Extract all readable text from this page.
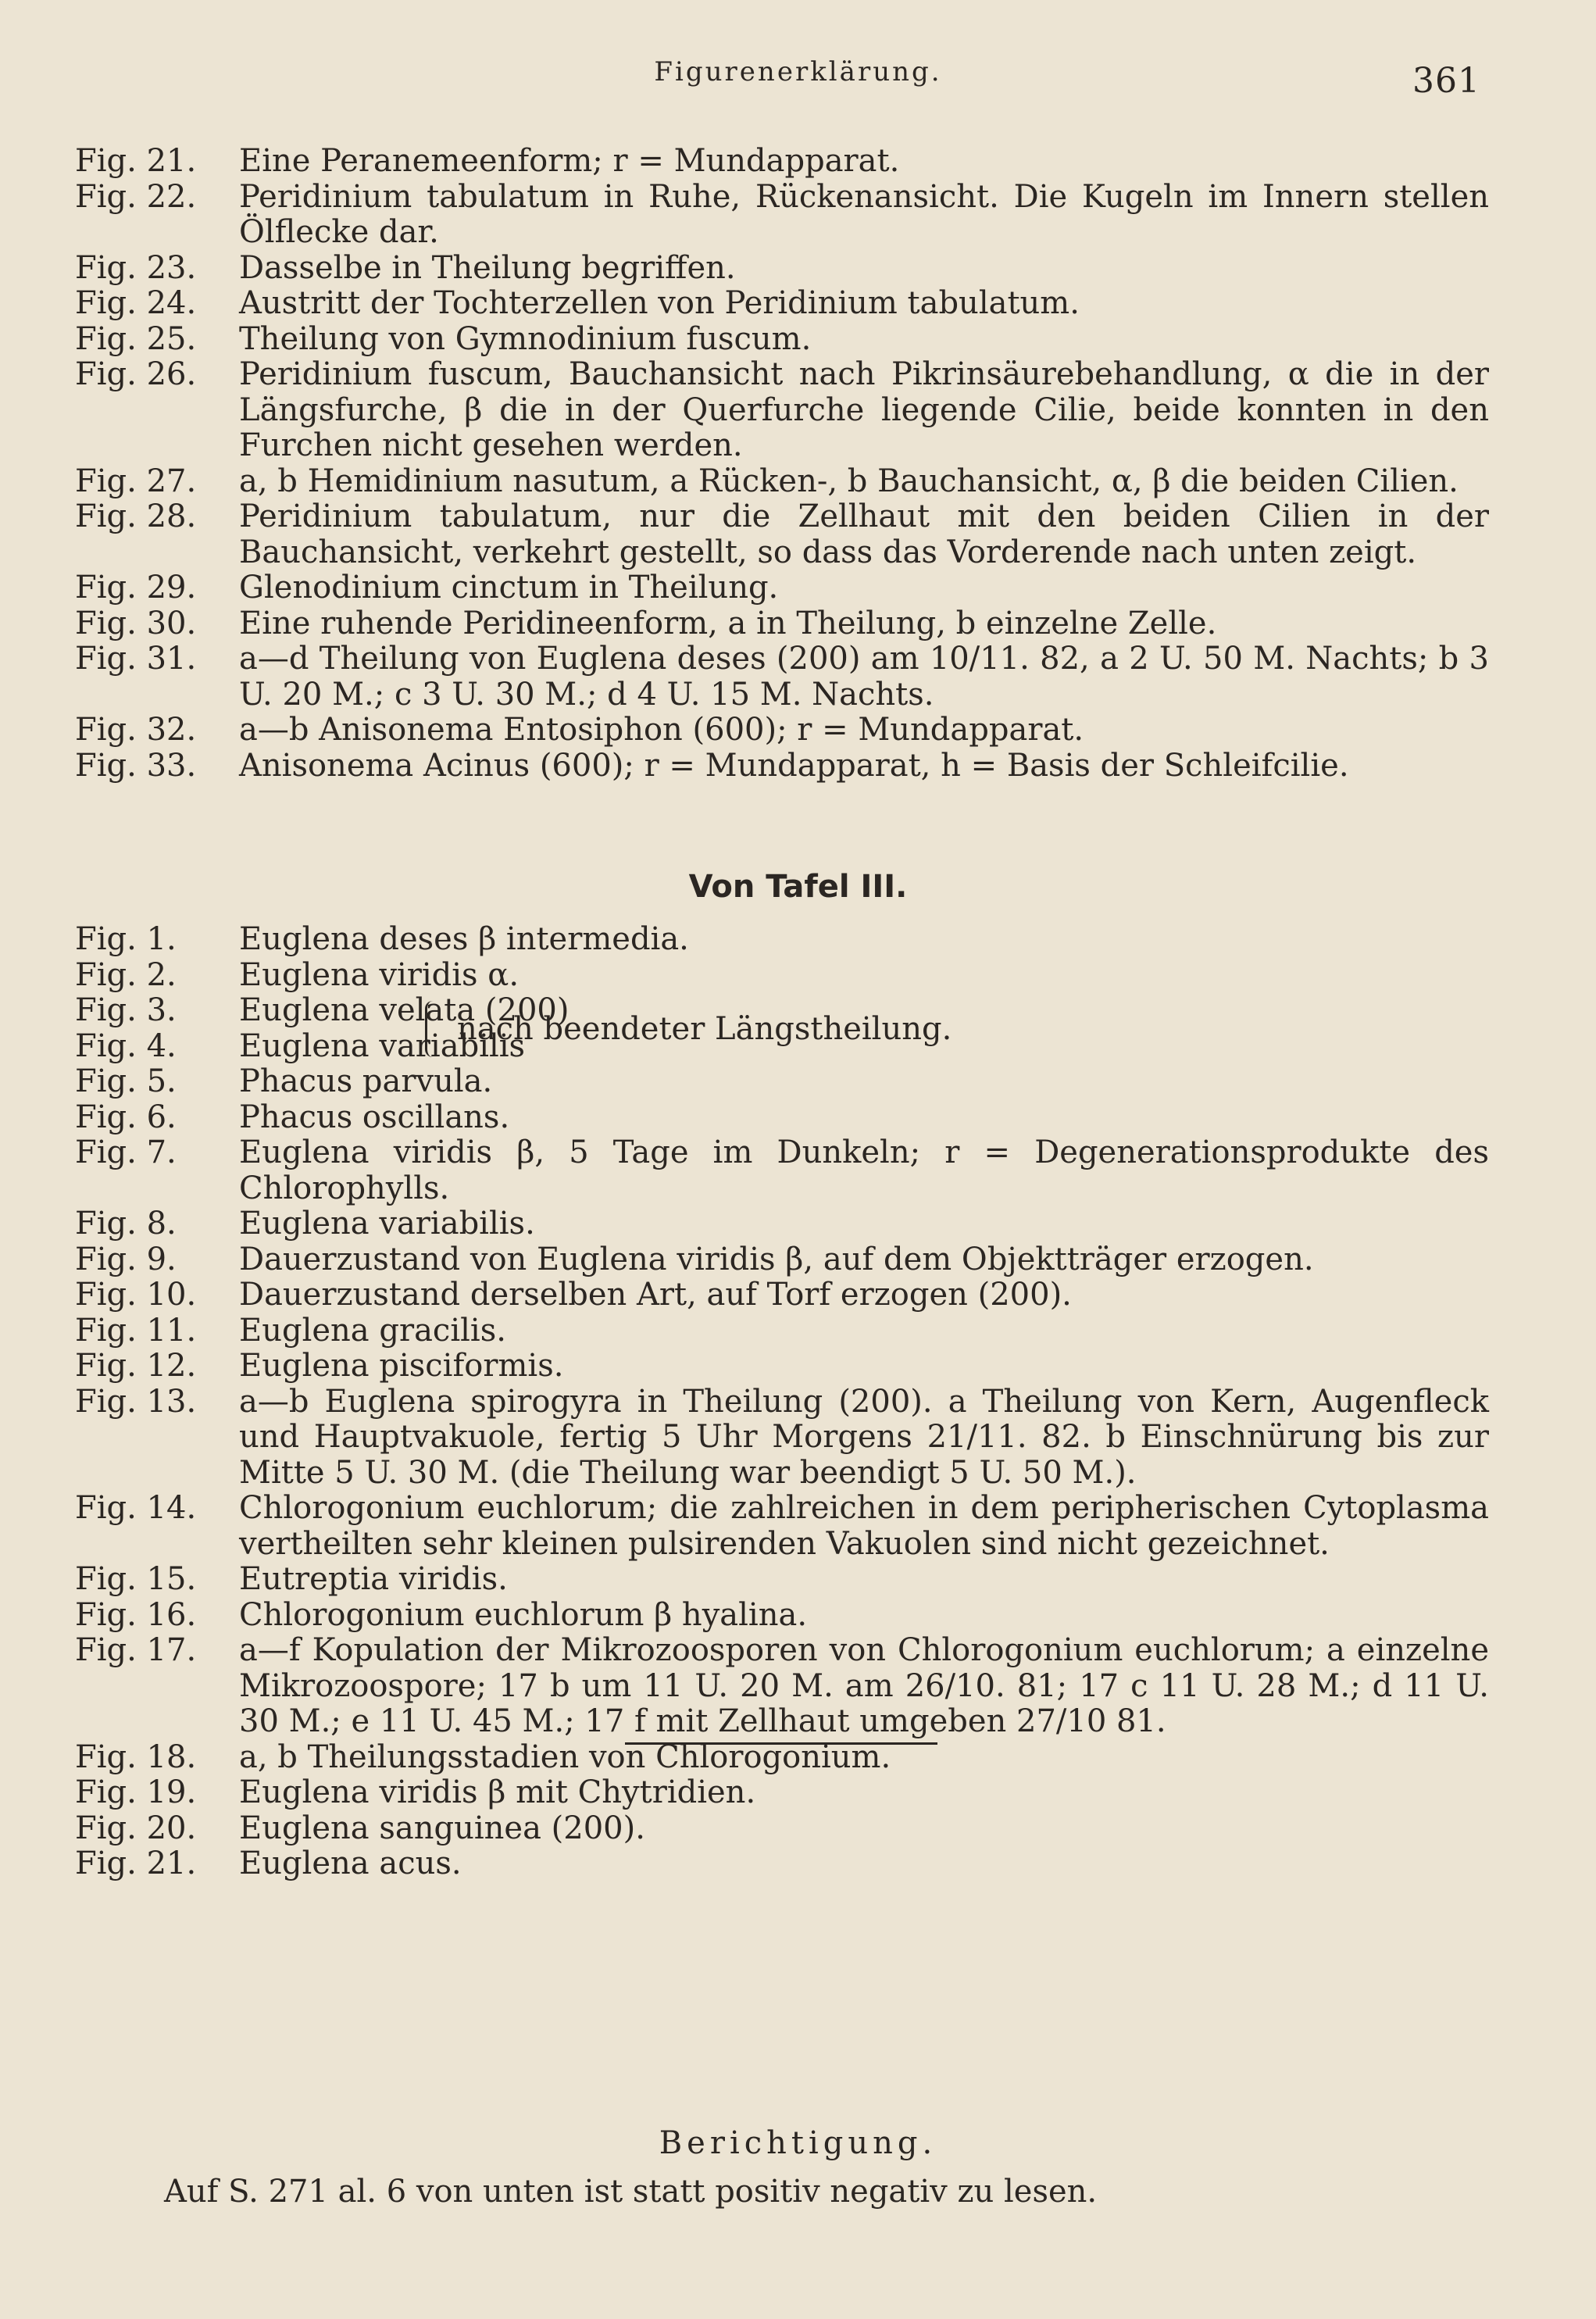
Figurenerklärung.	361
Fig. 21.	Eine Peranemeenform; r = Mundapparat.
Fig. 22.	Peridinium tabulatum in Ruhe, Rückenansicht. Die Kugeln im Innern stellen Ölflecke dar.
Fig. 23.	Dasselbe in Theilung begriffen.
Fig. 24.	Austritt der Tochterzellen von Peridinium tabulatum.
Fig. 25.	Theilung von Gymnodinium fuscum.
Fig. 26.	Peridinium fuscum, Bauchansicht nach Pikrinsäurebehandlung, α die in der Längsfurche, β die in der Querfurche liegende Cilie, beide konnten in den Furchen nicht gesehen werden.
Fig. 27.	a, b Hemidinium nasutum, a Rücken-, b Bauchansicht, α, β die beiden Cilien.
Fig. 28.	Peridinium tabulatum, nur die Zellhaut mit den beiden Cilien in der Bauchansicht, verkehrt gestellt, so dass das Vorderende nach unten zeigt.
Fig. 29.	Glenodinium cinctum in Theilung.
Fig. 30.	Eine ruhende Peridineenform, a in Theilung, b einzelne Zelle.
Fig. 31.	a—d Theilung von Euglena deses (200) am 10/11. 82, a 2 U. 50 M. Nachts; b 3 U. 20 M.; c 3 U. 30 M.; d 4 U. 15 M. Nachts.
Fig. 32.	a—b Anisonema Entosiphon (600); r = Mundapparat.
Fig. 33.	Anisonema Acinus (600); r = Mundapparat, h = Basis der Schleifcilie.
Von Tafel III.
Fig. 1.	Euglena deses β intermedia.
Fig. 2.	Euglena viridis α.
Fig. 3.	Euglena velata (200)
Fig. 4.	Euglena variabilis
nach beendeter Längstheilung.
Fig. 5.	Phacus parvula.
Fig. 6.	Phacus oscillans.
Fig. 7.	Euglena viridis β, 5 Tage im Dunkeln; r = Degenerationsprodukte des Chlorophylls.
Fig. 8.	Euglena variabilis.
Fig. 9.	Dauerzustand von Euglena viridis β, auf dem Objektträger erzogen.
Fig. 10.	Dauerzustand derselben Art, auf Torf erzogen (200).
Fig. 11.	Euglena gracilis.
Fig. 12.	Euglena pisciformis.
Fig. 13.	a—b Euglena spirogyra in Theilung (200). a Theilung von Kern, Augenfleck und Hauptvakuole, fertig 5 Uhr Morgens 21/11. 82. b Einschnürung bis zur Mitte 5 U. 30 M. (die Theilung war beendigt 5 U. 50 M.).
Fig. 14.	Chlorogonium euchlorum; die zahlreichen in dem peripherischen Cytoplasma vertheilten sehr kleinen pulsirenden Vakuolen sind nicht gezeichnet.
Fig. 15.	Eutreptia viridis.
Fig. 16.	Chlorogonium euchlorum β hyalina.
Fig. 17.	a—f Kopulation der Mikrozoosporen von Chlorogonium euchlorum; a einzelne Mikrozoospore; 17 b um 11 U. 20 M. am 26/10. 81; 17 c 11 U. 28 M.; d 11 U. 30 M.; e 11 U. 45 M.; 17 f mit Zellhaut umgeben 27/10 81.
Fig. 18.	a, b Theilungsstadien von Chlorogonium.
Fig. 19.	Euglena viridis β mit Chytridien.
Fig. 20.	Euglena sanguinea (200).
Fig. 21.	Euglena acus.
Berichtigung.
Auf S. 271 al. 6 von unten ist statt positiv negativ zu lesen.
